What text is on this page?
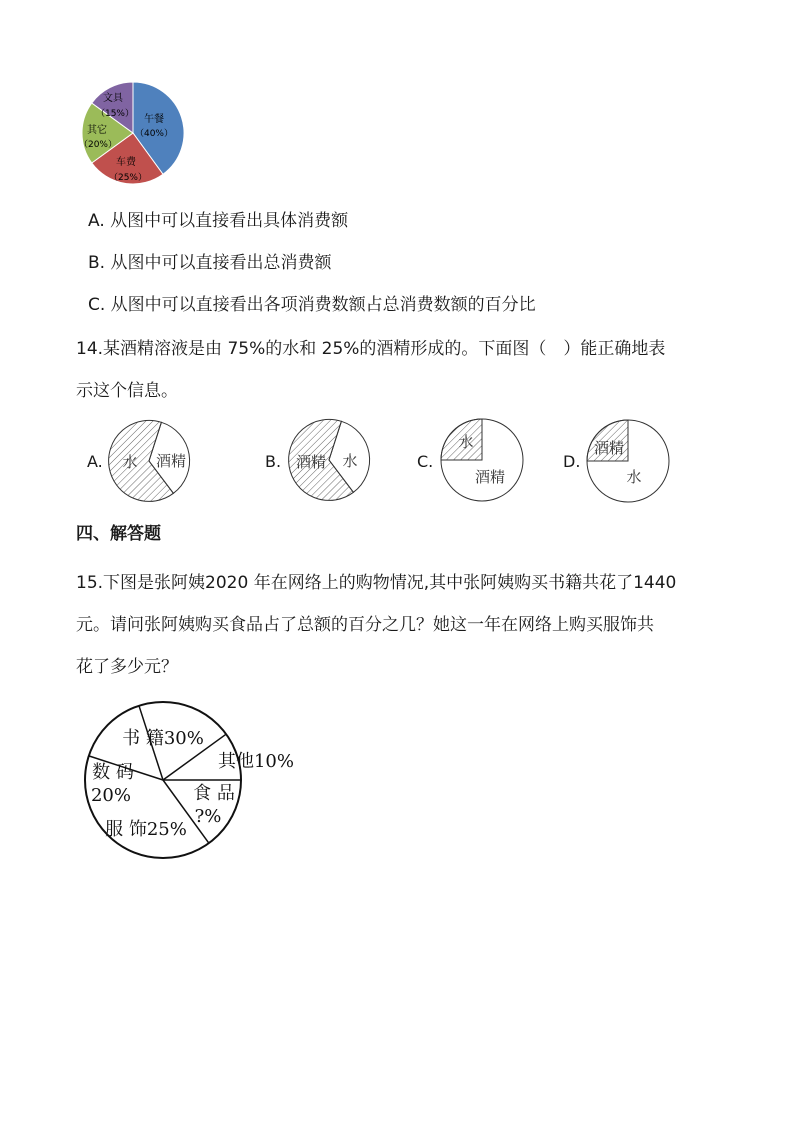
午餐
（40%）
车费
（25%）
其它
（20%）
文具
（15%）
A. 从图中可以直接看出具体消费额
B. 从图中可以直接看出总消费额
C. 从图中可以直接看出各项消费数额占总消费数额的百分比
14.某酒精溶液是由 75%的水和 25%的酒精形成的。下面图（　）能正确地表
示这个信息。
A.	B.	C.	D.
水 酒精	酒精 水
水
酒精
酒精
水
四、解答题
15.下图是张阿姨2020 年在网络上的购物情况,其中张阿姨购买书籍共花了1440
元。请问张阿姨购买食品占了总额的百分之几？她这一年在网络上购买服饰共
花了多少元？
书 籍30%
其他10%
数 码
20%	食 品
?%
服 饰25%
